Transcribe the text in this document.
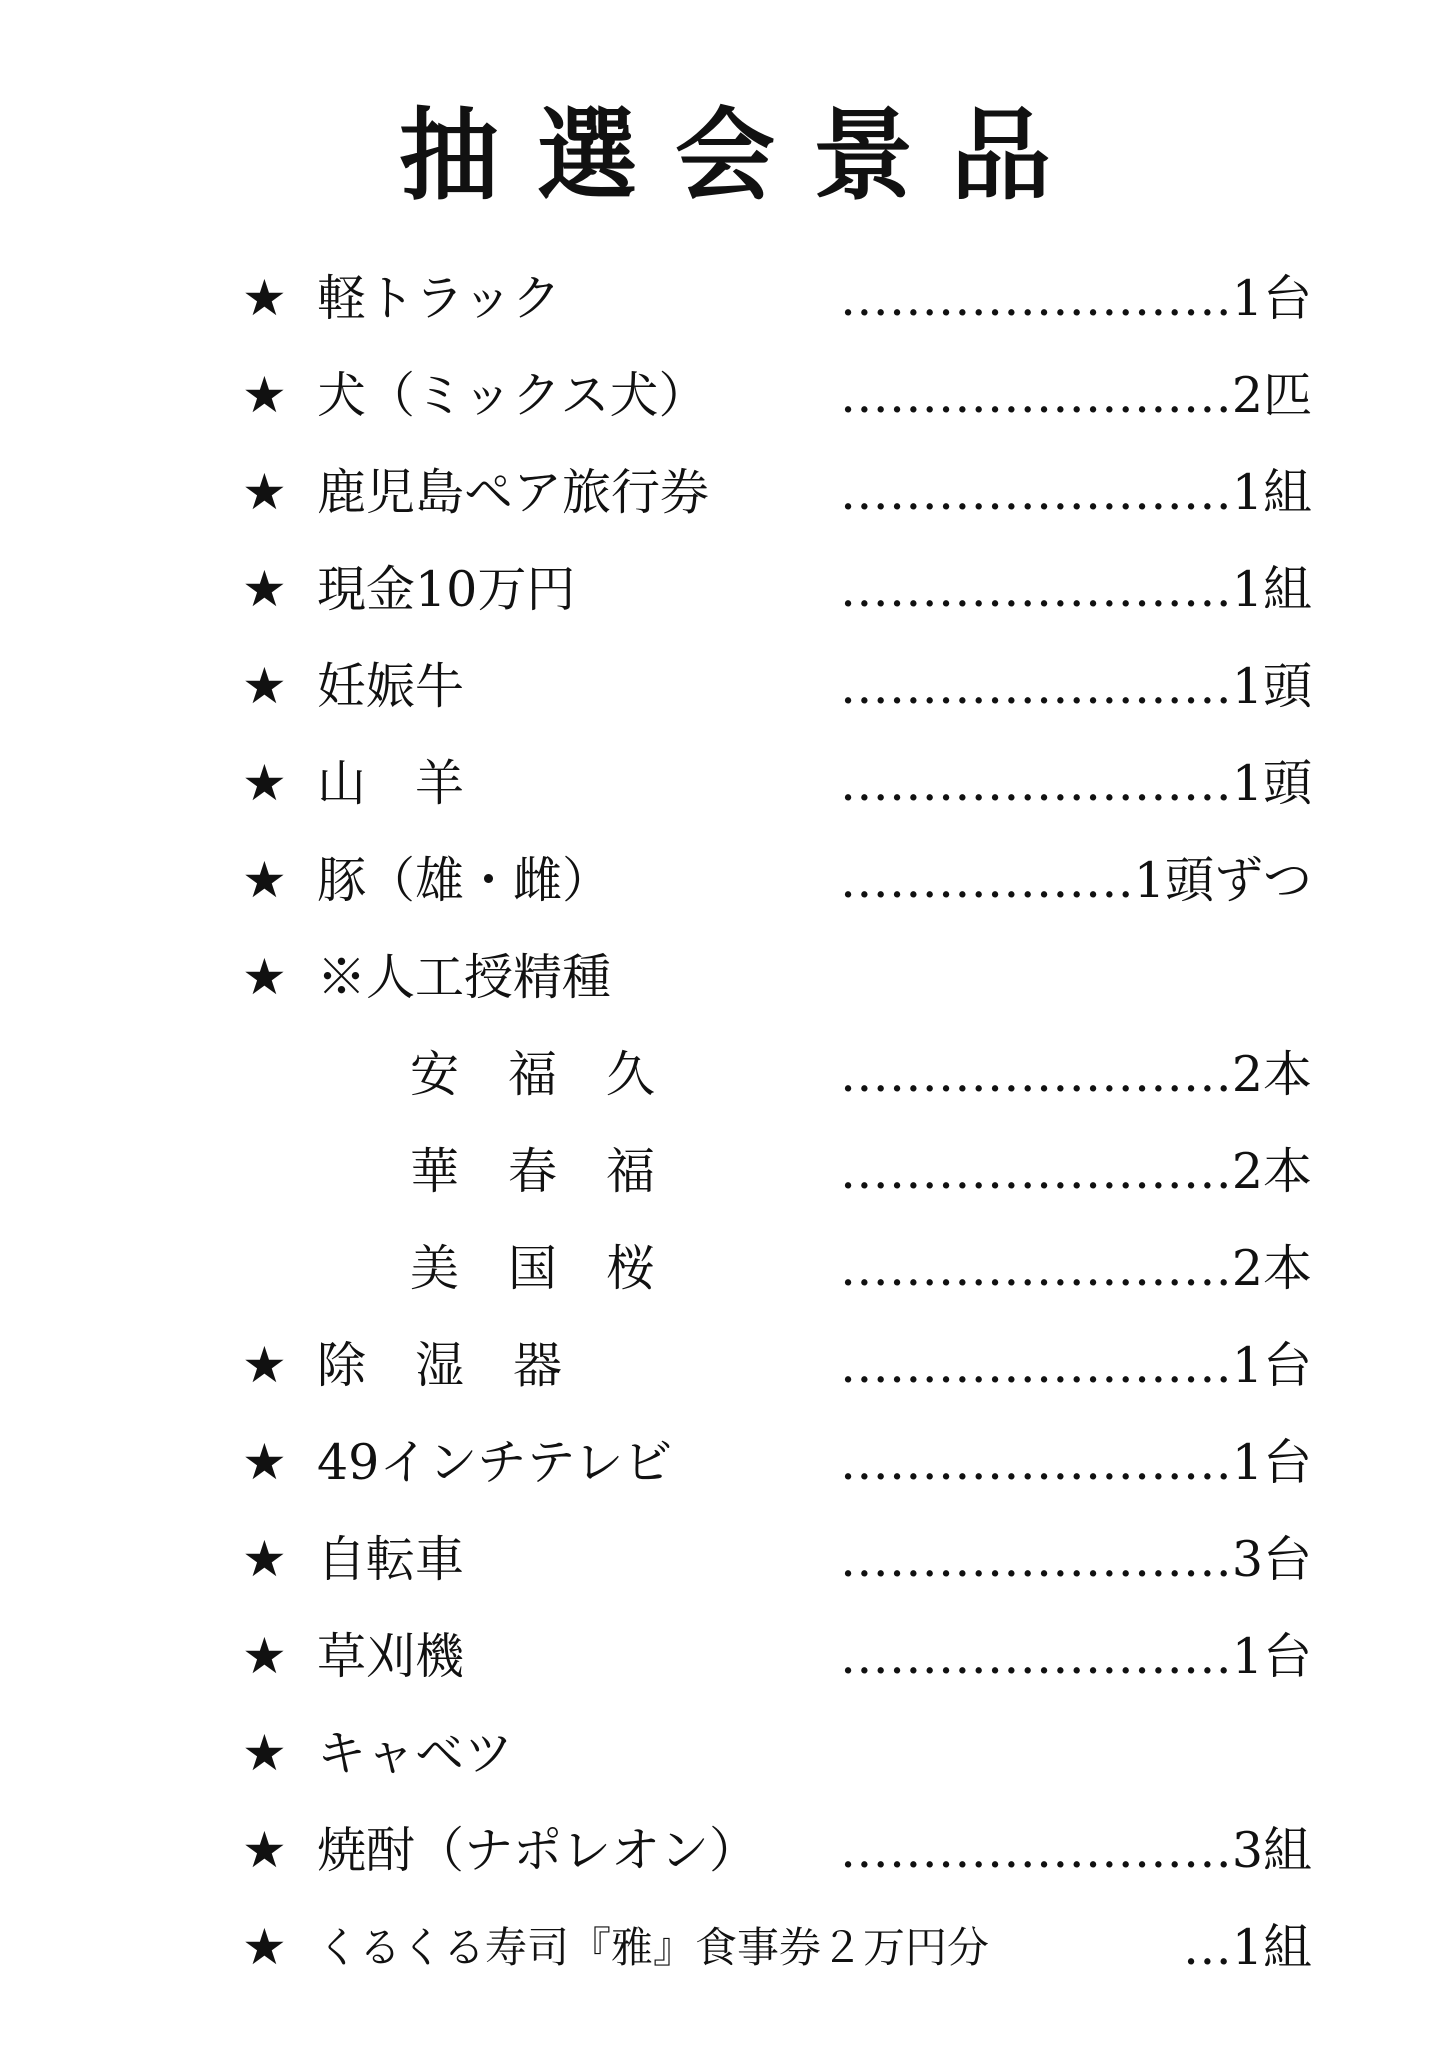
抽選会景品
★ 軽トラック	……………………1台
★ 犬（ミックス犬）	……………………2匹
★ 鹿児島ペア旅行券	……………………1組
★ 現金10万円	……………………1組
★ 妊娠牛	……………………1頭
★ 山　羊	……………………1頭
★ 豚（雄・雌）	………………1頭ずつ
★ ※人工授精種
安　福　久	……………………2本
華　春　福	……………………2本
美　国　桜	……………………2本
★ 除　湿　器	……………………1台
★ 49インチテレビ	……………………1台
★ 自転車	……………………3台
★ 草刈機	……………………1台
★ キャベツ
★ 焼酎（ナポレオン） ……………………3組
★ くるくる寿司『雅』食事券２万円分	…1組
